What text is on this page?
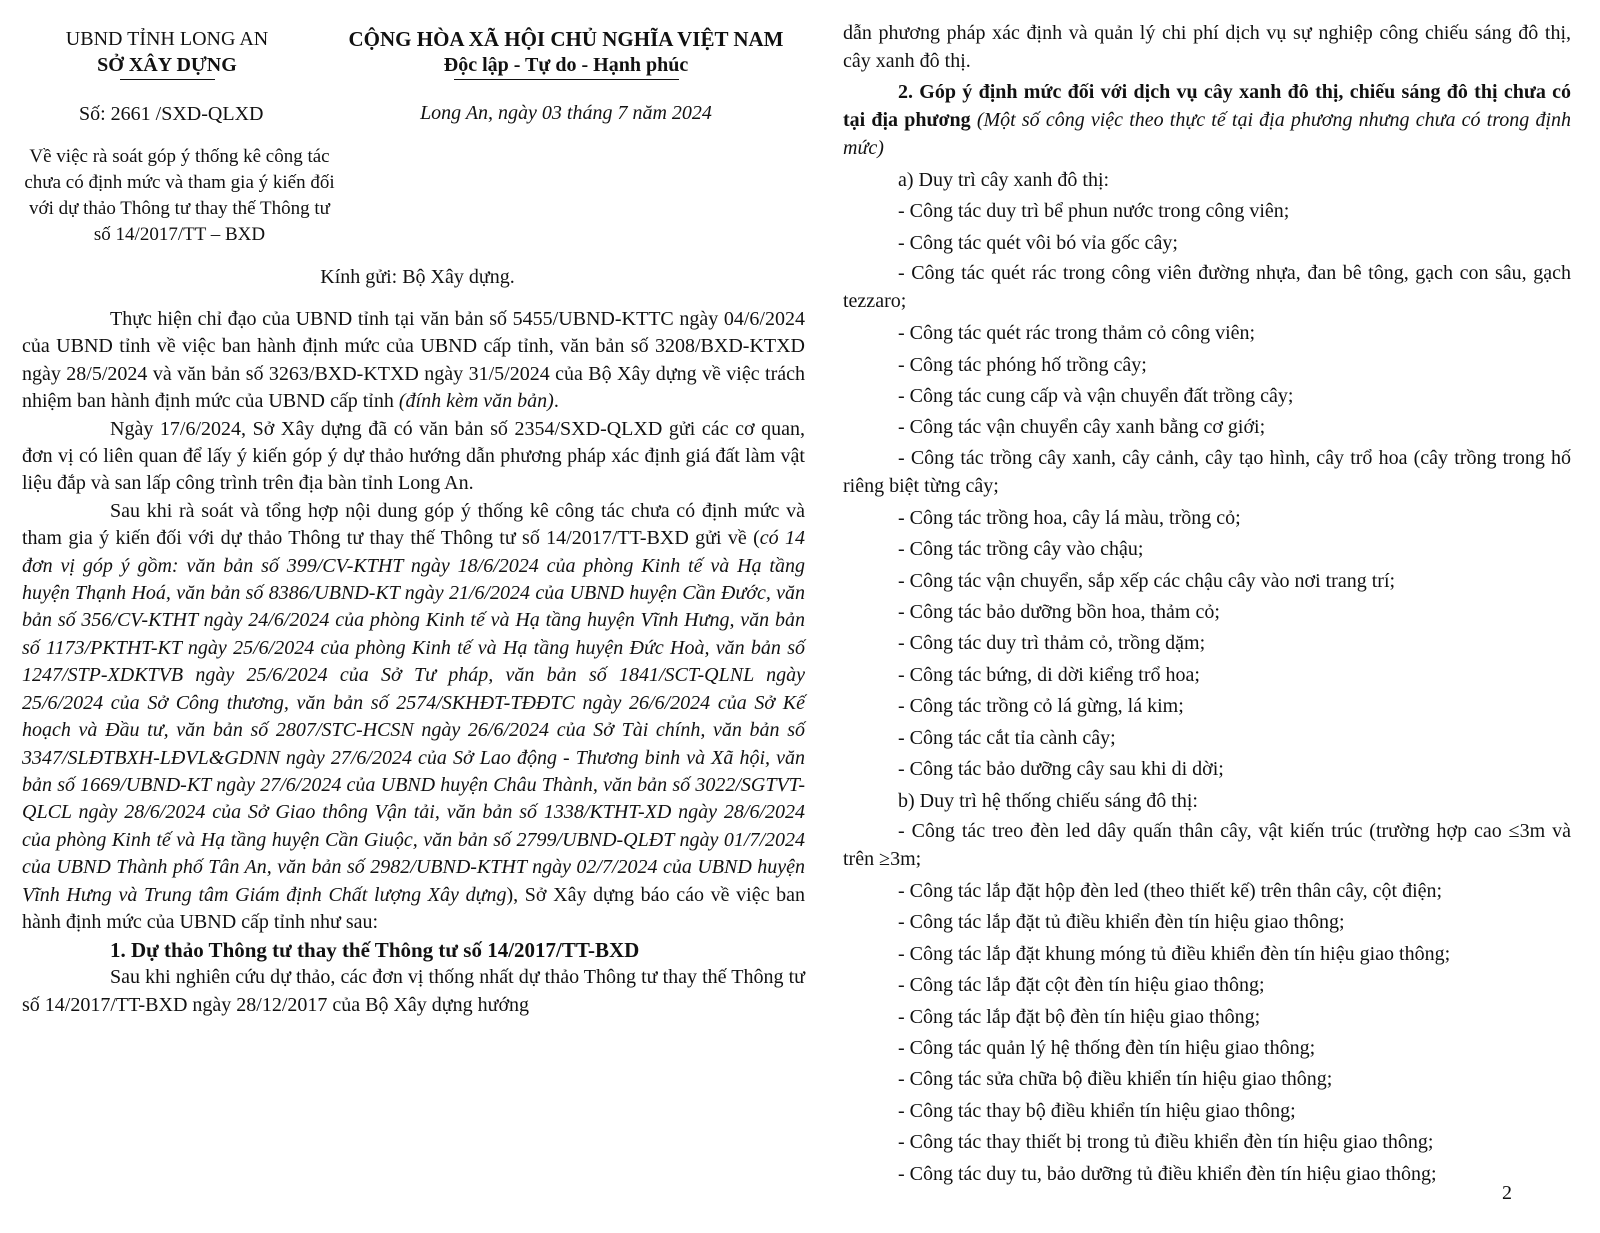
UBND TỈNH LONG AN
SỞ XÂY DỰNG
CỘNG HÒA XÃ HỘI CHỦ NGHĨA VIỆT NAM
Độc lập - Tự do - Hạnh phúc
Số: 2661 /SXD-QLXD	Long An, ngày 03 tháng 7 năm 2024
Về việc rà soát góp ý thống kê công tác chưa có định mức và tham gia ý kiến đối với dự thảo Thông tư thay thế Thông tư số 14/2017/TT – BXD
Kính gửi: Bộ Xây dựng.

Thực hiện chỉ đạo của UBND tỉnh tại văn bản số 5455/UBND-KTTC ngày 04/6/2024 của UBND tỉnh về việc ban hành định mức của UBND cấp tỉnh, văn bản số 3208/BXD-KTXD ngày 28/5/2024 và văn bản số 3263/BXD-KTXD ngày 31/5/2024 của Bộ Xây dựng về việc trách nhiệm ban hành định mức của UBND cấp tỉnh (đính kèm văn bản).

Ngày 17/6/2024, Sở Xây dựng đã có văn bản số 2354/SXD-QLXD gửi các cơ quan, đơn vị có liên quan để lấy ý kiến góp ý dự thảo hướng dẫn phương pháp xác định giá đất làm vật liệu đắp và san lấp công trình trên địa bàn tỉnh Long An.

Sau khi rà soát và tổng hợp nội dung góp ý thống kê công tác chưa có định mức và tham gia ý kiến đối với dự thảo Thông tư thay thế Thông tư số 14/2017/TT-BXD gửi về (có 14 đơn vị góp ý gồm: văn bản số 399/CV-KTHT ngày 18/6/2024 của phòng Kinh tế và Hạ tầng huyện Thạnh Hoá, văn bản số 8386/UBND-KT ngày 21/6/2024 của UBND huyện Cần Đước, văn bản số 356/CV-KTHT ngày 24/6/2024 của phòng Kinh tế và Hạ tầng huyện Vĩnh Hưng, văn bản số 1173/PKTHT-KT ngày 25/6/2024 của phòng Kinh tế và Hạ tầng huyện Đức Hoà, văn bản số 1247/STP-XDKTVB ngày 25/6/2024 của Sở Tư pháp, văn bản số 1841/SCT-QLNL ngày 25/6/2024 của Sở Công thương, văn bản số 2574/SKHĐT-TĐĐTC ngày 26/6/2024 của Sở Kế hoạch và Đầu tư, văn bản số 2807/STC-HCSN ngày 26/6/2024 của Sở Tài chính, văn bản số 3347/SLĐTBXH-LĐVL&GDNN ngày 27/6/2024 của Sở Lao động - Thương binh và Xã hội, văn bản số 1669/UBND-KT ngày 27/6/2024 của UBND huyện Châu Thành, văn bản số 3022/SGTVT-QLCL ngày 28/6/2024 của Sở Giao thông Vận tải, văn bản số 1338/KTHT-XD ngày 28/6/2024 của phòng Kinh tế và Hạ tầng huyện Cần Giuộc, văn bản số 2799/UBND-QLĐT ngày 01/7/2024 của UBND Thành phố Tân An, văn bản số 2982/UBND-KTHT ngày 02/7/2024 của UBND huyện Vĩnh Hưng và Trung tâm Giám định Chất lượng Xây dựng), Sở Xây dựng báo cáo về việc ban hành định mức của UBND cấp tỉnh như sau:

1. Dự thảo Thông tư thay thế Thông tư số 14/2017/TT-BXD

Sau khi nghiên cứu dự thảo, các đơn vị thống nhất dự thảo Thông tư thay thế Thông tư số 14/2017/TT-BXD ngày 28/12/2017 của Bộ Xây dựng hướng

dẫn phương pháp xác định và quản lý chi phí dịch vụ sự nghiệp công chiếu sáng đô thị, cây xanh đô thị.

2. Góp ý định mức đối với dịch vụ cây xanh đô thị, chiếu sáng đô thị chưa có tại địa phương (Một số công việc theo thực tế tại địa phương nhưng chưa có trong định mức)

a) Duy trì cây xanh đô thị:

- Công tác duy trì bể phun nước trong công viên;

- Công tác quét vôi bó vỉa gốc cây;

- Công tác quét rác trong công viên đường nhựa, đan bê tông, gạch con sâu, gạch tezzaro;

- Công tác quét rác trong thảm cỏ công viên;

- Công tác phóng hố trồng cây;

- Công tác cung cấp và vận chuyển đất trồng cây;

- Công tác vận chuyển cây xanh bằng cơ giới;

- Công tác trồng cây xanh, cây cảnh, cây tạo hình, cây trổ hoa (cây trồng trong hố riêng biệt từng cây;

- Công tác trồng hoa, cây lá màu, trồng cỏ;

- Công tác trồng cây vào chậu;

- Công tác vận chuyển, sắp xếp các chậu cây vào nơi trang trí;

- Công tác bảo dưỡng bồn hoa, thảm cỏ;

- Công tác duy trì thảm cỏ, trồng dặm;

- Công tác bứng, di dời kiểng trổ hoa;

- Công tác trồng cỏ lá gừng, lá kim;

- Công tác cắt tỉa cành cây;

- Công tác bảo dưỡng cây sau khi di dời;

b) Duy trì hệ thống chiếu sáng đô thị:

- Công tác treo đèn led dây quấn thân cây, vật kiến trúc (trường hợp cao ≤3m và trên ≥3m;

- Công tác lắp đặt hộp đèn led (theo thiết kế) trên thân cây, cột điện;

- Công tác lắp đặt tủ điều khiển đèn tín hiệu giao thông;

- Công tác lắp đặt khung móng tủ điều khiển đèn tín hiệu giao thông;

- Công tác lắp đặt cột đèn tín hiệu giao thông;

- Công tác lắp đặt bộ đèn tín hiệu giao thông;

- Công tác quản lý hệ thống đèn tín hiệu giao thông;

- Công tác sửa chữa bộ điều khiển tín hiệu giao thông;

- Công tác thay bộ điều khiển tín hiệu giao thông;

- Công tác thay thiết bị trong tủ điều khiển đèn tín hiệu giao thông;

- Công tác duy tu, bảo dưỡng tủ điều khiển đèn tín hiệu giao thông;

2
